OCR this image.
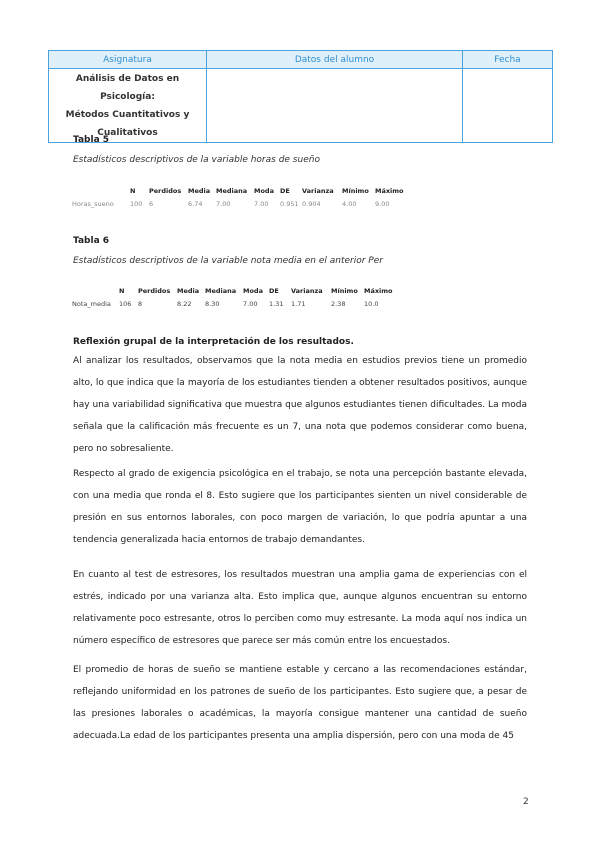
Asignatura	Datos del alumno	Fecha

Análisis de Datos en Psicología:
Métodos Cuantitativos y
Cualitativos		

Tabla 5
Estadísticos descriptivos de la variable horas de sueño
	N	Perdidos	Media	Mediana	Moda	DE	Varianza	Mínimo	Máximo
Horas_sueno	100	6	6.74	7.00	7.00	0.951	0.904	4.00	9.00
Tabla 6
Estadísticos descriptivos de la variable nota media en el anterior Per
	N	Perdidos	Media	Mediana	Moda	DE	Varianza	Mínimo	Máximo
Nota_media	106	8	8.22	8.30	7.00	1.31	1.71	2.38	10.0
Reflexión grupal de la interpretación de los resultados.

Al analizar los resultados, observamos que la nota media en estudios previos tiene un promedio alto, lo que indica que la mayoría de los estudiantes tienden a obtener resultados positivos, aunque hay una variabilidad significativa que muestra que algunos estudiantes tienen dificultades. La moda señala que la calificación más frecuente es un 7, una nota que podemos considerar como buena, pero no sobresaliente.

Respecto al grado de exigencia psicológica en el trabajo, se nota una percepción bastante elevada, con una media que ronda el 8. Esto sugiere que los participantes sienten un nivel considerable de presión en sus entornos laborales, con poco margen de variación, lo que podría apuntar a una tendencia generalizada hacia entornos de trabajo demandantes.

En cuanto al test de estresores, los resultados muestran una amplia gama de experiencias con el estrés, indicado por una varianza alta. Esto implica que, aunque algunos encuentran su entorno relativamente poco estresante, otros lo perciben como muy estresante. La moda aquí nos indica un número específico de estresores que parece ser más común entre los encuestados.

El promedio de horas de sueño se mantiene estable y cercano a las recomendaciones estándar, reflejando uniformidad en los patrones de sueño de los participantes. Esto sugiere que, a pesar de las presiones laborales o académicas, la mayoría consigue mantener una cantidad de sueño adecuada.La edad de los participantes presenta una amplia dispersión, pero con una moda de 45

2
